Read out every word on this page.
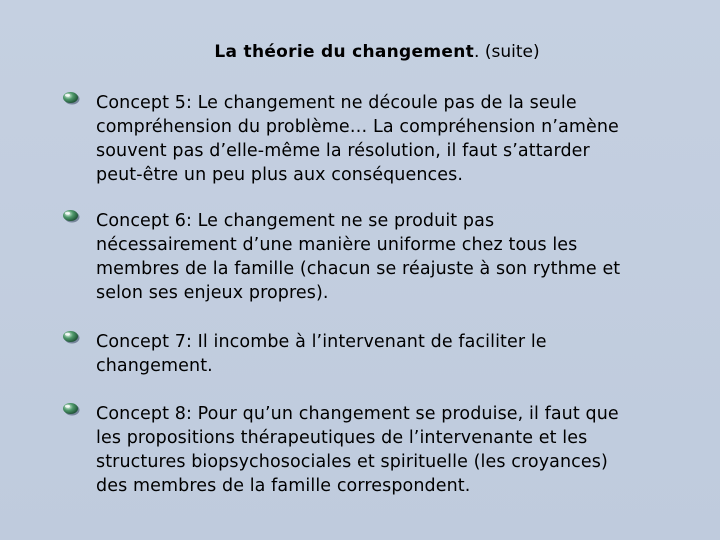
La théorie du changement. (suite)
Concept 5: Le changement ne découle pas de la seule
compréhension du problème… La compréhension n’amène
souvent pas d’elle-même la résolution, il faut s’attarder
peut-être un peu plus aux conséquences.
Concept 6: Le changement ne se produit pas
nécessairement d’une manière uniforme chez tous les
membres de la famille (chacun se réajuste à son rythme et
selon ses enjeux propres).
Concept 7: Il incombe à l’intervenant de faciliter le
changement.
Concept 8: Pour qu’un changement se produise, il faut que
les propositions thérapeutiques de l’intervenante et les
structures biopsychosociales et spirituelle (les croyances)
des membres de la famille correspondent.
